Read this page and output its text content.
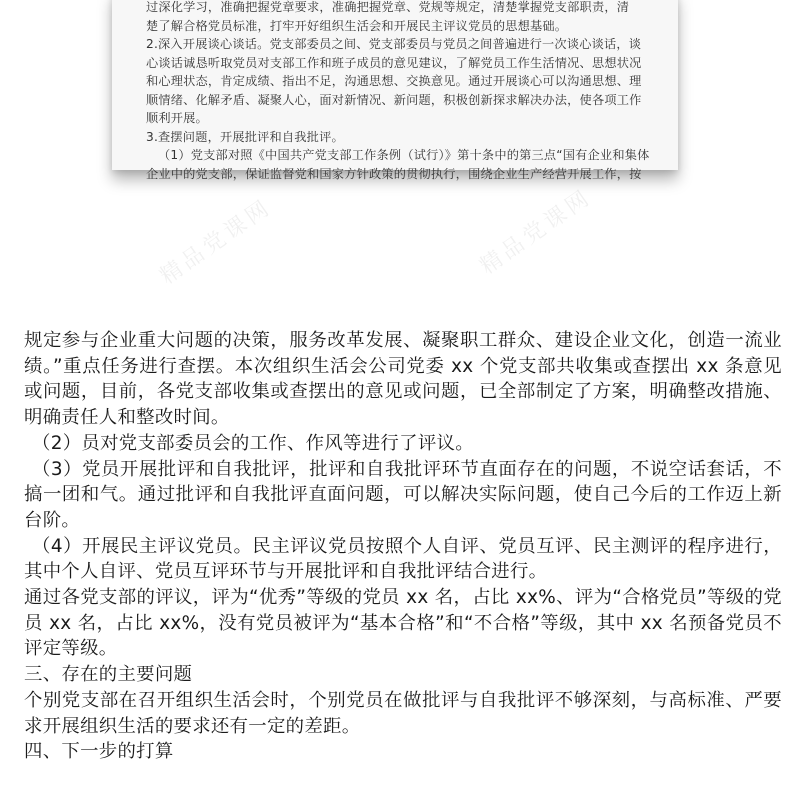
过深化学习，准确把握党章要求，准确把握党章、党规等规定，清楚掌握党支部职责，清

楚了解合格党员标准，打牢开好组织生活会和开展民主评议党员的思想基础。

2.深入开展谈心谈话。党支部委员之间、党支部委员与党员之间普遍进行一次谈心谈话，谈

心谈话诚恳听取党员对支部工作和班子成员的意见建议，了解党员工作生活情况、思想状况

和心理状态，肯定成绩、指出不足，沟通思想、交换意见。通过开展谈心可以沟通思想、理

顺情绪、化解矛盾、凝聚人心，面对新情况、新问题，积极创新探求解决办法，使各项工作

顺利开展。

3.查摆问题，开展批评和自我批评。

（1）党支部对照《中国共产党支部工作条例（试行）》第十条中的第三点“国有企业和集体

企业中的党支部，保证监督党和国家方针政策的贯彻执行，围绕企业生产经营开展工作，按

精品党课网	精品党课网

规定参与企业重大问题的决策，服务改革发展、凝聚职工群众、建设企业文化，创造一流业绩。”重点任务进行查摆。本次组织生活会公司党委 xx 个党支部共收集或查摆出 xx 条意见或问题，目前，各党支部收集或查摆出的意见或问题，已全部制定了方案，明确整改措施、明确责任人和整改时间。

（2）员对党支部委员会的工作、作风等进行了评议。

（3）党员开展批评和自我批评，批评和自我批评环节直面存在的问题，不说空话套话，不搞一团和气。通过批评和自我批评直面问题，可以解决实际问题，使自己今后的工作迈上新台阶。

（4）开展民主评议党员。民主评议党员按照个人自评、党员互评、民主测评的程序进行，其中个人自评、党员互评环节与开展批评和自我批评结合进行。

通过各党支部的评议，评为“优秀”等级的党员 xx 名，占比 xx%、评为“合格党员”等级的党员 xx 名，占比 xx%，没有党员被评为“基本合格”和“不合格”等级，其中 xx 名预备党员不评定等级。

三、存在的主要问题

个别党支部在召开组织生活会时，个别党员在做批评与自我批评不够深刻，与高标准、严要求开展组织生活的要求还有一定的差距。

四、下一步的打算
